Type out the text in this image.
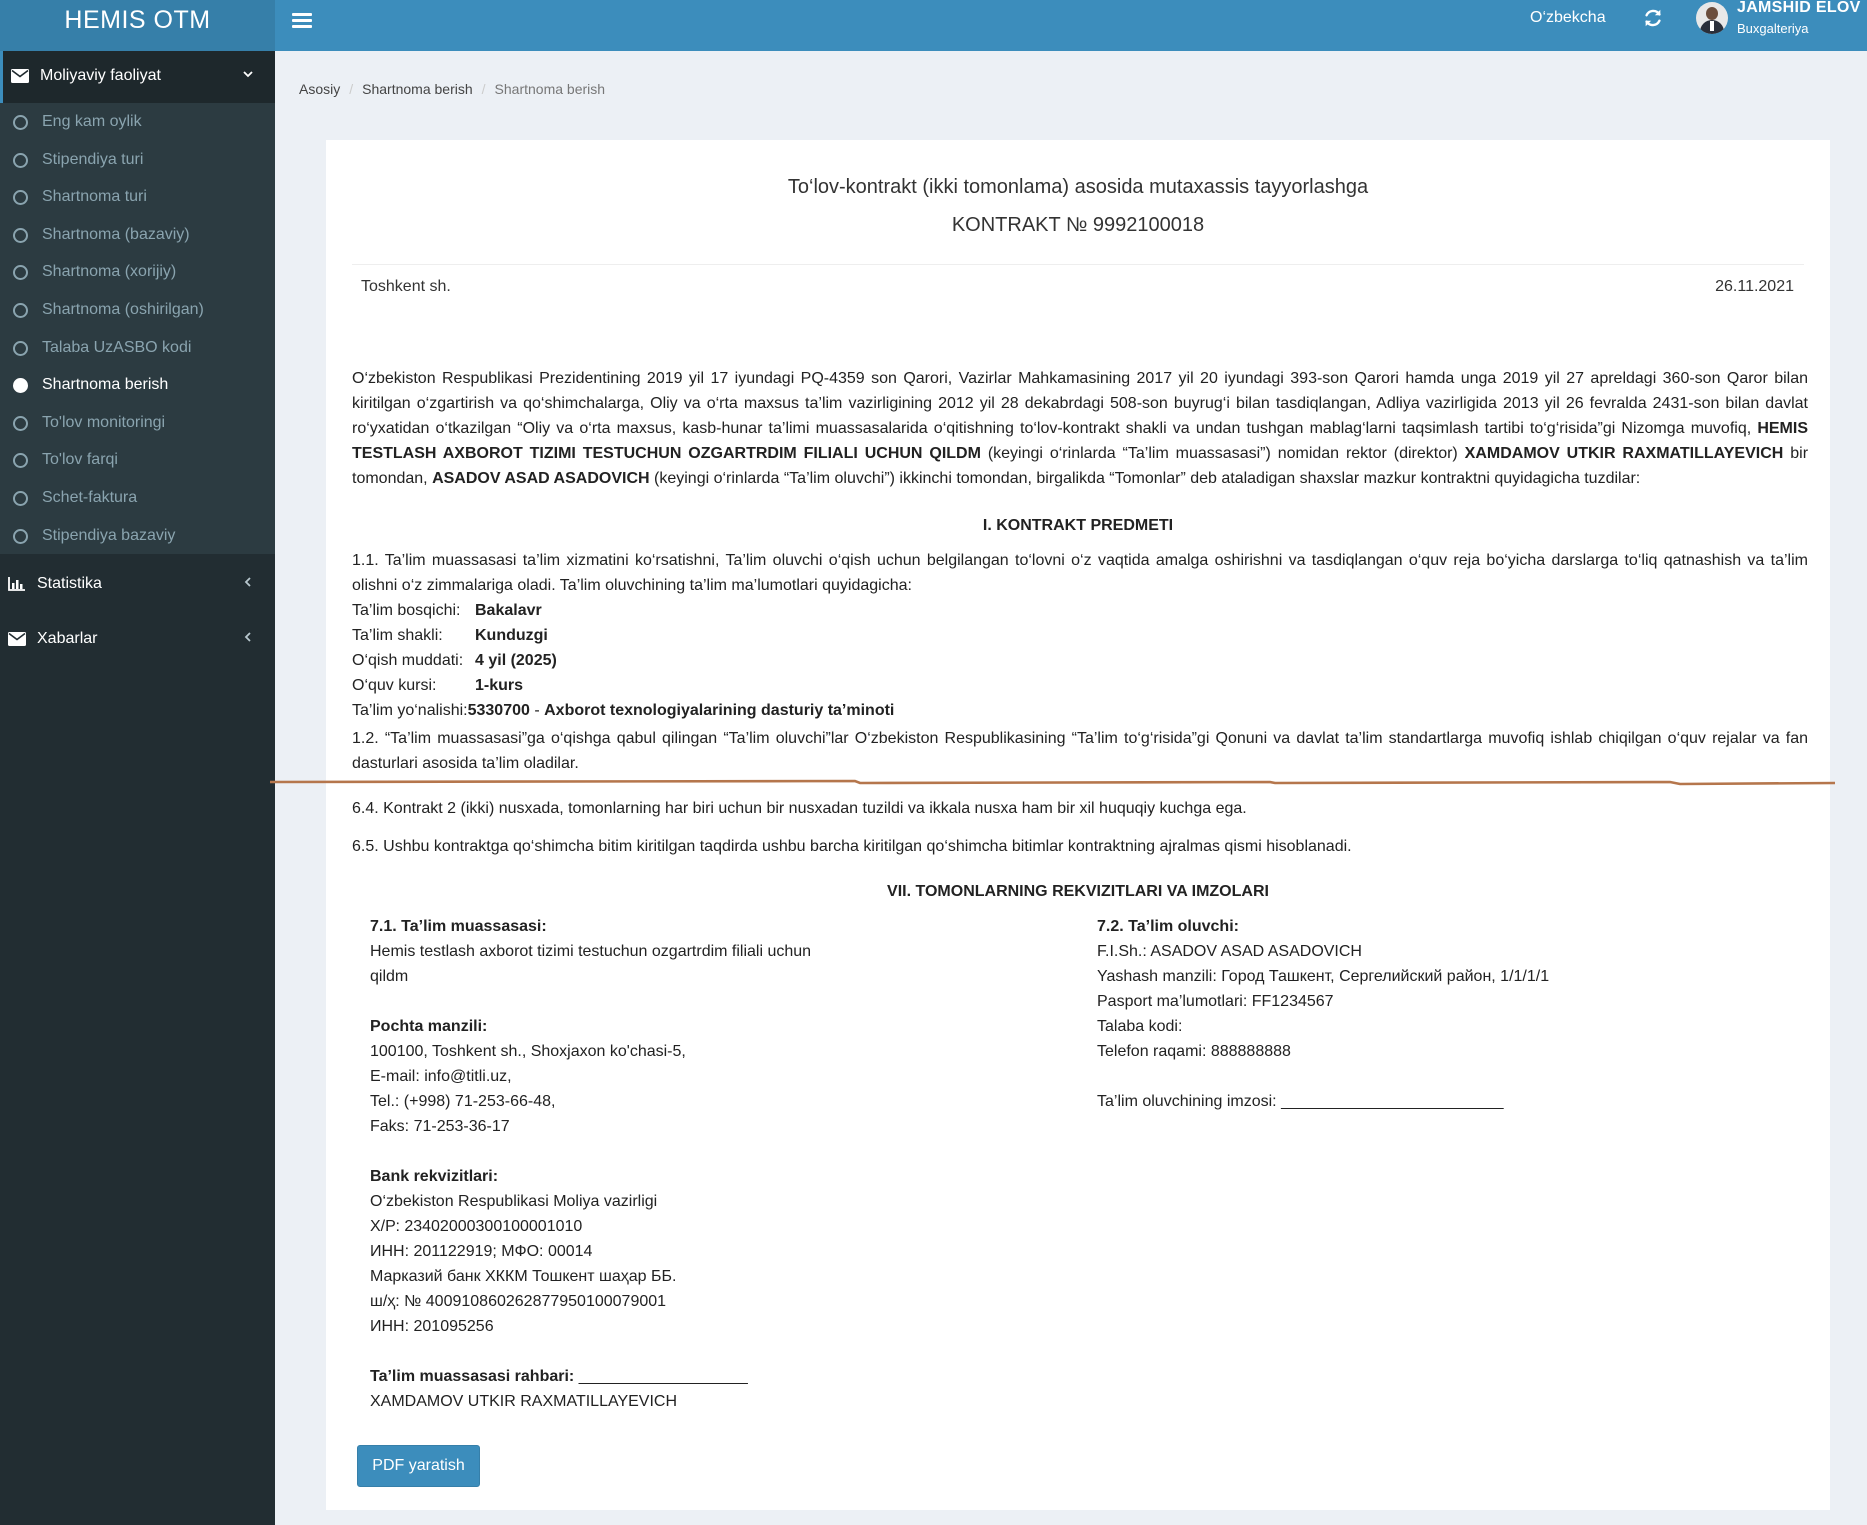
HEMIS OTM	O‘zbekcha
JAMSHID ELOV
Buxgalteriya
Moliyaviy faoliyat
Eng kam oylik
Stipendiya turi
Shartnoma turi
Shartnoma (bazaviy)
Shartnoma (xorijiy)
Shartnoma (oshirilgan)
Talaba UzASBO kodi
Shartnoma berish
To'lov monitoringi
To'lov farqi
Schet-faktura
Stipendiya bazaviy
Statistika
Xabarlar
Asosiy / Shartnoma berish / Shartnoma berish
To‘lov-kontrakt (ikki tomonlama) asosida mutaxassis tayyorlashga
KONTRAKT № 9992100018
Toshkent sh.	26.11.2021
O‘zbekiston Respublikasi Prezidentining 2019 yil 17 iyundagi PQ-4359 son Qarori, Vazirlar Mahkamasining 2017 yil 20 iyundagi 393-son Qarori hamda unga 2019 yil 27 apreldagi 360-son Qaror bilan kiritilgan o‘zgartirish va qo‘shimchalarga, Oliy va o‘rta maxsus ta’lim vazirligining 2012 yil 28 dekabrdagi 508-son buyrug‘i bilan tasdiqlangan, Adliya vazirligida 2013 yil 26 fevralda 2431-son bilan davlat ro‘yxatidan o‘tkazilgan “Oliy va o‘rta maxsus, kasb-hunar ta’limi muassasalarida o‘qitishning to‘lov-kontrakt shakli va undan tushgan mablag‘larni taqsimlash tartibi to‘g‘risida”gi Nizomga muvofiq, HEMIS TESTLASH AXBOROT TIZIMI TESTUCHUN OZGARTRDIM FILIALI UCHUN QILDM (keyingi o‘rinlarda “Ta’lim muassasasi”) nomidan rektor (direktor) XAMDAMOV UTKIR RAXMATILLAYEVICH bir tomondan, ASADOV ASAD ASADOVICH (keyingi o‘rinlarda “Ta’lim oluvchi”) ikkinchi tomondan, birgalikda “Tomonlar” deb ataladigan shaxslar mazkur kontraktni quyidagicha tuzdilar:
I. KONTRAKT PREDMETI
1.1. Ta’lim muassasasi ta’lim xizmatini ko‘rsatishni, Ta’lim oluvchi o‘qish uchun belgilangan to‘lovni o‘z vaqtida amalga oshirishni va tasdiqlangan o‘quv reja bo‘yicha darslarga to‘liq qatnashish va ta’lim olishni o‘z zimmalariga oladi. Ta’lim oluvchining ta’lim ma’lumotlari quyidagicha:
Ta’lim bosqichi: Bakalavr
Ta’lim shakli: Kunduzgi
O‘qish muddati: 4 yil (2025)
O‘quv kursi: 1-kurs
Ta’lim yo‘nalishi:5330700 - Axborot texnologiyalarining dasturiy ta’minoti
1.2. “Ta’lim muassasasi”ga o‘qishga qabul qilingan “Ta’lim oluvchi”lar O‘zbekiston Respublikasining “Ta’lim to‘g‘risida”gi Qonuni va davlat ta’lim standartlarga muvofiq ishlab chiqilgan o‘quv rejalar va fan dasturlari asosida ta’lim oladilar.
6.4. Kontrakt 2 (ikki) nusxada, tomonlarning har biri uchun bir nusxadan tuzildi va ikkala nusxa ham bir xil huquqiy kuchga ega.
6.5. Ushbu kontraktga qo‘shimcha bitim kiritilgan taqdirda ushbu barcha kiritilgan qo‘shimcha bitimlar kontraktning ajralmas qismi hisoblanadi.
VII. TOMONLARNING REKVIZITLARI VA IMZOLARI
7.1. Ta’lim muassasasi:
Hemis testlash axborot tizimi testuchun ozgartrdim filiali uchun qildm
Pochta manzili:
100100, Toshkent sh., Shoxjaxon ko'chasi-5,
E-mail: info@titli.uz,
Tel.: (+998) 71-253-66-48,
Faks: 71-253-36-17
Bank rekvizitlari:
O‘zbekiston Respublikasi Moliya vazirligi
Х/Р: 23402000300100001010
ИНН: 201122919; МФО: 00014
Марказий банк ХККМ Тошкент шаҳар ББ.
ш/ҳ: № 400910860262877950100079001
ИНН: 201095256
Ta’lim muassasasi rahbari: ___________________
XAMDAMOV UTKIR RAXMATILLAYEVICH
7.2. Ta’lim oluvchi:
F.I.Sh.: ASADOV ASAD ASADOVICH
Yashash manzili: Город Ташкент, Сергелийский район, 1/1/1/1
Pasport ma’lumotlari: FF1234567
Talaba kodi:
Telefon raqami: 888888888
Ta’lim oluvchining imzosi: _________________________
PDF yaratish
